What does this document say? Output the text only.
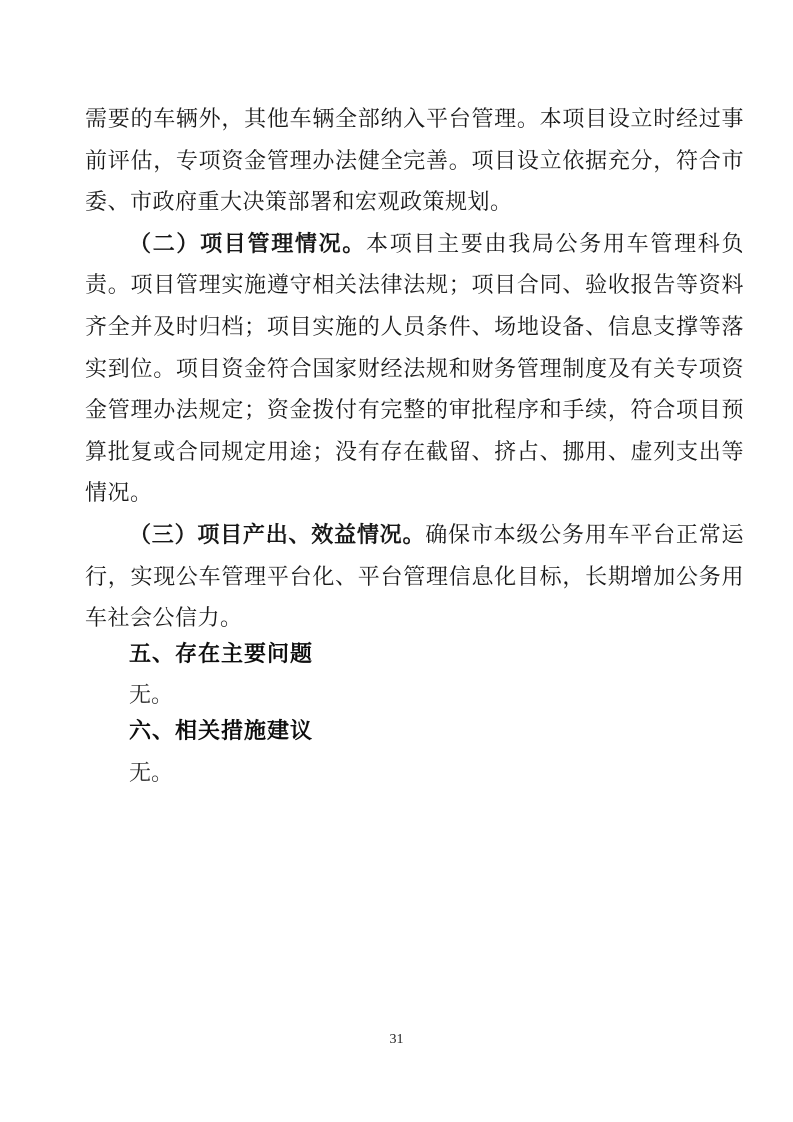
需要的车辆外，其他车辆全部纳入平台管理。本项目设立时经过事前评估，专项资金管理办法健全完善。项目设立依据充分，符合市委、市政府重大决策部署和宏观政策规划。

（二）项目管理情况。本项目主要由我局公务用车管理科负责。项目管理实施遵守相关法律法规；项目合同、验收报告等资料齐全并及时归档；项目实施的人员条件、场地设备、信息支撑等落实到位。项目资金符合国家财经法规和财务管理制度及有关专项资金管理办法规定；资金拨付有完整的审批程序和手续，符合项目预算批复或合同规定用途；没有存在截留、挤占、挪用、虚列支出等情况。

（三）项目产出、效益情况。确保市本级公务用车平台正常运行，实现公车管理平台化、平台管理信息化目标，长期增加公务用车社会公信力。

五、存在主要问题

无。

六、相关措施建议

无。

31
